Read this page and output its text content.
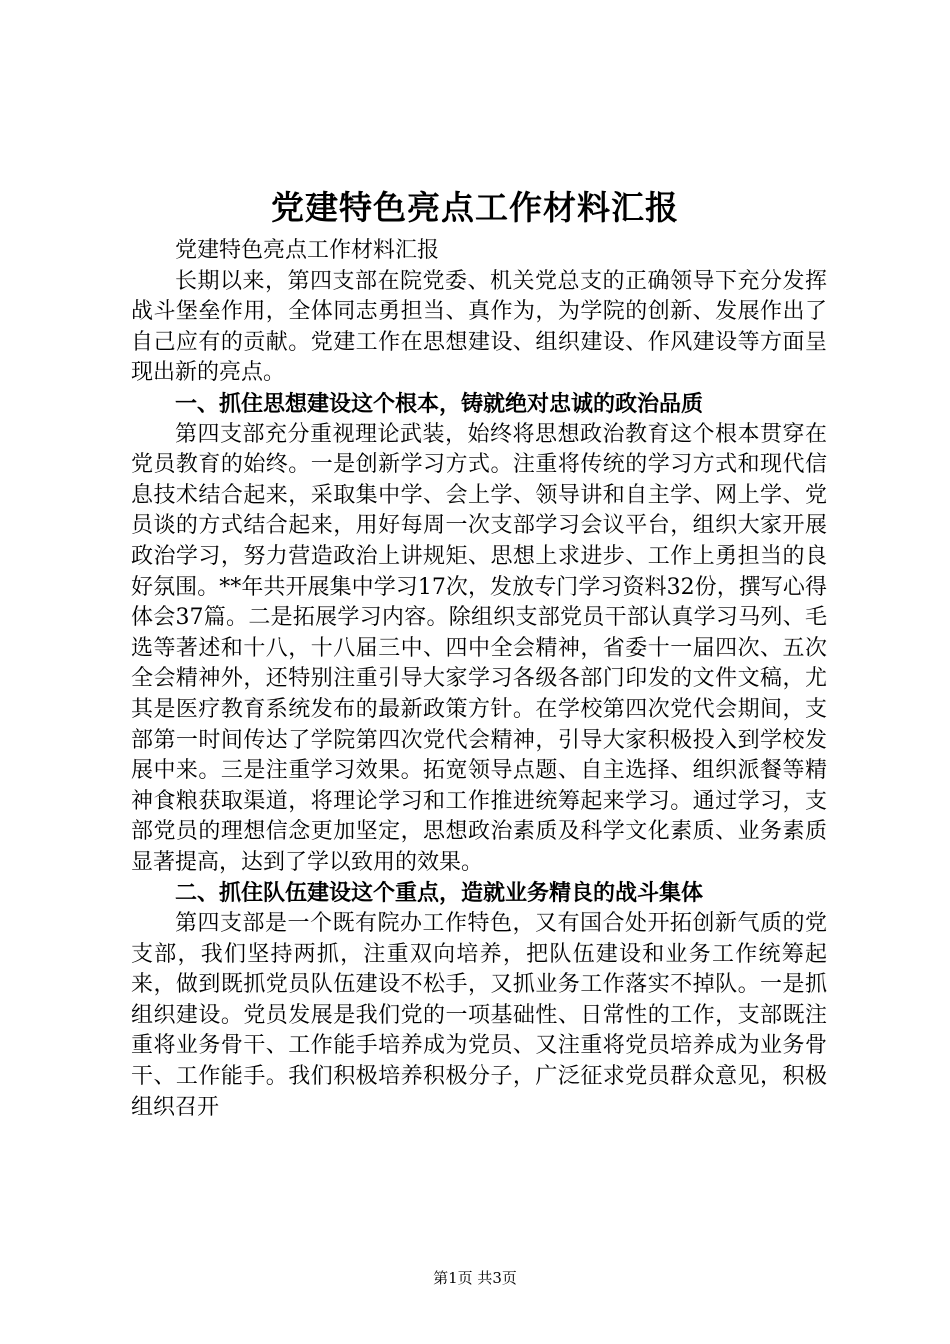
党建特色亮点工作材料汇报

党建特色亮点工作材料汇报

长期以来，第四支部在院党委、机关党总支的正确领导下充分发挥战斗堡垒作用，全体同志勇担当、真作为，为学院的创新、发展作出了自己应有的贡献。党建工作在思想建设、组织建设、作风建设等方面呈现出新的亮点。

一、抓住思想建设这个根本，铸就绝对忠诚的政治品质

第四支部充分重视理论武装，始终将思想政治教育这个根本贯穿在党员教育的始终。一是创新学习方式。注重将传统的学习方式和现代信息技术结合起来，采取集中学、会上学、领导讲和自主学、网上学、党员谈的方式结合起来，用好每周一次支部学习会议平台，组织大家开展政治学习，努力营造政治上讲规矩、思想上求进步、工作上勇担当的良好氛围。**年共开展集中学习17次，发放专门学习资料32份，撰写心得体会37篇。二是拓展学习内容。除组织支部党员干部认真学习马列、毛选等著述和十八，十八届三中、四中全会精神，省委十一届四次、五次全会精神外，还特别注重引导大家学习各级各部门印发的文件文稿，尤其是医疗教育系统发布的最新政策方针。在学校第四次党代会期间，支部第一时间传达了学院第四次党代会精神，引导大家积极投入到学校发展中来。三是注重学习效果。拓宽领导点题、自主选择、组织派餐等精神食粮获取渠道，将理论学习和工作推进统筹起来学习。通过学习，支部党员的理想信念更加坚定，思想政治素质及科学文化素质、业务素质显著提高，达到了学以致用的效果。

二、抓住队伍建设这个重点，造就业务精良的战斗集体

第四支部是一个既有院办工作特色，又有国合处开拓创新气质的党支部，我们坚持两抓，注重双向培养，把队伍建设和业务工作统筹起来，做到既抓党员队伍建设不松手，又抓业务工作落实不掉队。一是抓组织建设。党员发展是我们党的一项基础性、日常性的工作，支部既注重将业务骨干、工作能手培养成为党员、又注重将党员培养成为业务骨干、工作能手。我们积极培养积极分子，广泛征求党员群众意见，积极组织召开

第1页 共3页
